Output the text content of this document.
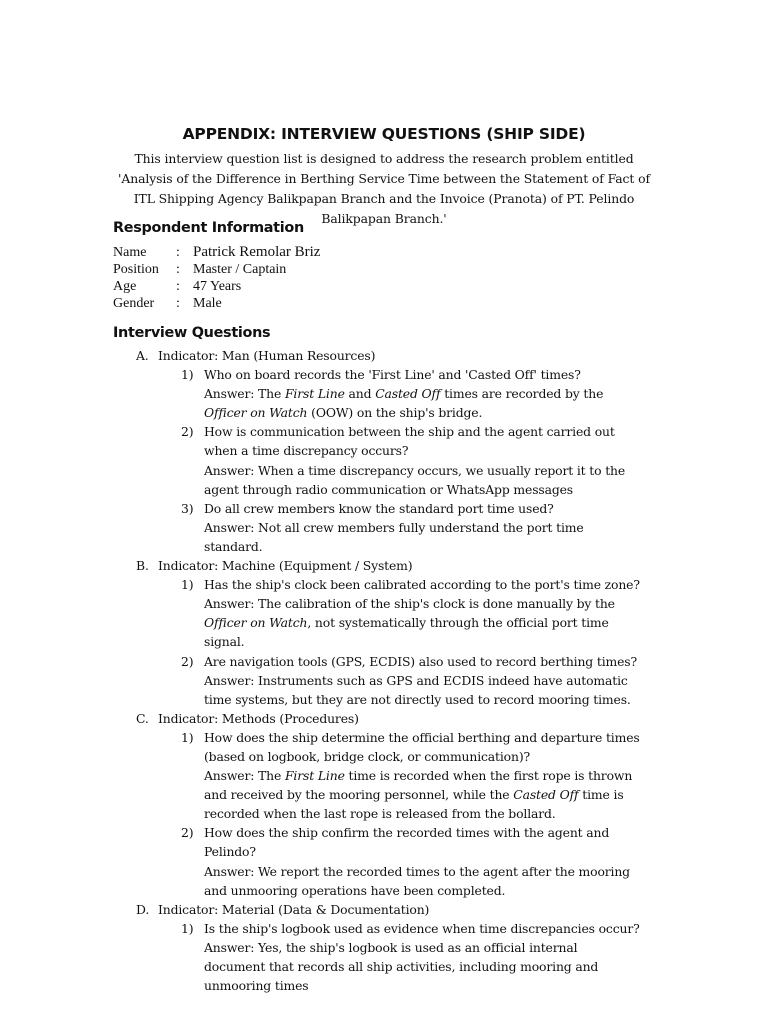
APPENDIX: INTERVIEW QUESTIONS (SHIP SIDE)
This interview question list is designed to address the research problem entitled 'Analysis of the Difference in Berthing Service Time between the Statement of Fact of ITL Shipping Agency Balikpapan Branch and the Invoice (Pranota) of PT. Pelindo Balikpapan Branch.'
Respondent Information
Name : Patrick Remolar Briz
Position : Master / Captain
Age	: 47 Years
Gender : Male
Interview Questions
A. Indicator: Man (Human Resources)
1) Who on board records the 'First Line' and 'Casted Off' times?

Answer: The First Line and Casted Off times are recorded by the Officer on Watch (OOW) on the ship's bridge.

2) How is communication between the ship and the agent carried out when a time discrepancy occurs?

Answer: When a time discrepancy occurs, we usually report it to the agent through radio communication or WhatsApp messages

3) Do all crew members know the standard port time used?

Answer: Not all crew members fully understand the port time standard.

B. Indicator: Machine (Equipment / System)
1) Has the ship's clock been calibrated according to the port's time zone?

Answer: The calibration of the ship's clock is done manually by the Officer on Watch, not systematically through the official port time signal.

2) Are navigation tools (GPS, ECDIS) also used to record berthing times?

Answer: Instruments such as GPS and ECDIS indeed have automatic time systems, but they are not directly used to record mooring times.

C. Indicator: Methods (Procedures)
1) How does the ship determine the official berthing and departure times (based on logbook, bridge clock, or communication)?

Answer: The First Line time is recorded when the first rope is thrown and received by the mooring personnel, while the Casted Off time is recorded when the last rope is released from the bollard.

2) How does the ship confirm the recorded times with the agent and Pelindo?

Answer: We report the recorded times to the agent after the mooring and unmooring operations have been completed.

D. Indicator: Material (Data & Documentation)
1) Is the ship's logbook used as evidence when time discrepancies occur?

Answer: Yes, the ship's logbook is used as an official internal document that records all ship activities, including mooring and unmooring times
